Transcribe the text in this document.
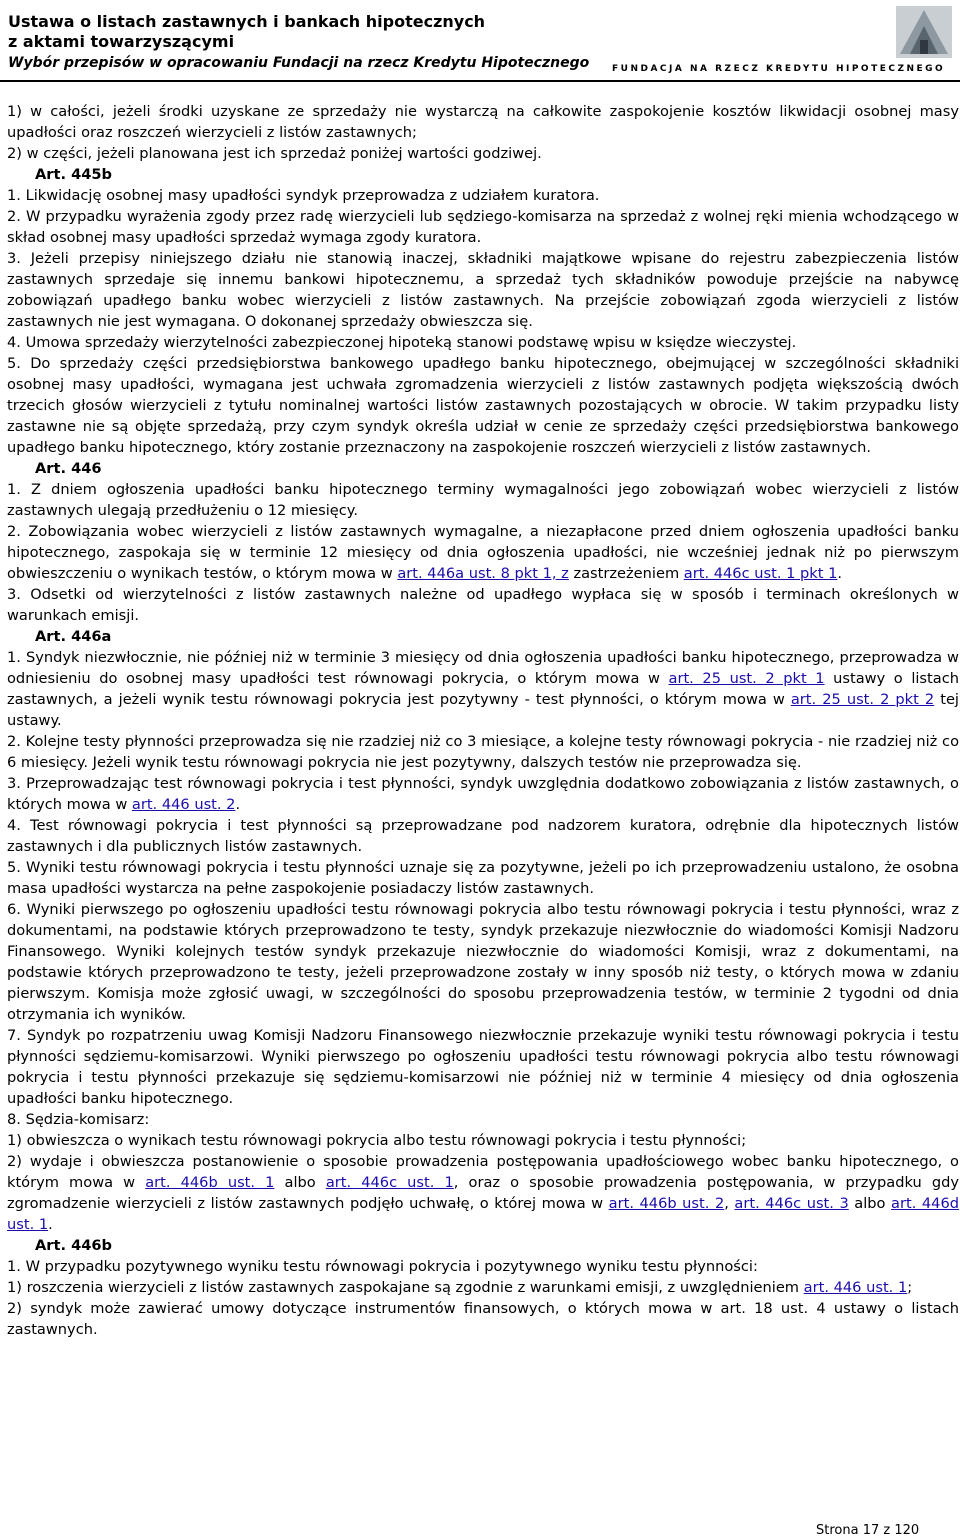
Ustawa o listach zastawnych i bankach hipotecznych
z aktami towarzyszącymi
Wybór przepisów w opracowaniu Fundacji na rzecz Kredytu Hipotecznego	FUNDACJA NA RZECZ KREDYTU HIPOTECZNEGO

1) w całości, jeżeli środki uzyskane ze sprzedaży nie wystarczą na całkowite zaspokojenie kosztów likwidacji osobnej masy upadłości oraz roszczeń wierzycieli z listów zastawnych;

2) w części, jeżeli planowana jest ich sprzedaż poniżej wartości godziwej.

Art. 445b

1. Likwidację osobnej masy upadłości syndyk przeprowadza z udziałem kuratora.

2. W przypadku wyrażenia zgody przez radę wierzycieli lub sędziego-komisarza na sprzedaż z wolnej ręki mienia wchodzącego w skład osobnej masy upadłości sprzedaż wymaga zgody kuratora.

3. Jeżeli przepisy niniejszego działu nie stanowią inaczej, składniki majątkowe wpisane do rejestru zabezpieczenia listów zastawnych sprzedaje się innemu bankowi hipotecznemu, a sprzedaż tych składników powoduje przejście na nabywcę zobowiązań upadłego banku wobec wierzycieli z listów zastawnych. Na przejście zobowiązań zgoda wierzycieli z listów zastawnych nie jest wymagana. O dokonanej sprzedaży obwieszcza się.

4. Umowa sprzedaży wierzytelności zabezpieczonej hipoteką stanowi podstawę wpisu w księdze wieczystej.

5. Do sprzedaży części przedsiębiorstwa bankowego upadłego banku hipotecznego, obejmującej w szczególności składniki osobnej masy upadłości, wymagana jest uchwała zgromadzenia wierzycieli z listów zastawnych podjęta większością dwóch trzecich głosów wierzycieli z tytułu nominalnej wartości listów zastawnych pozostających w obrocie. W takim przypadku listy zastawne nie są objęte sprzedażą, przy czym syndyk określa udział w cenie ze sprzedaży części przedsiębiorstwa bankowego upadłego banku hipotecznego, który zostanie przeznaczony na zaspokojenie roszczeń wierzycieli z listów zastawnych.

Art. 446

1. Z dniem ogłoszenia upadłości banku hipotecznego terminy wymagalności jego zobowiązań wobec wierzycieli z listów zastawnych ulegają przedłużeniu o 12 miesięcy.

2. Zobowiązania wobec wierzycieli z listów zastawnych wymagalne, a niezapłacone przed dniem ogłoszenia upadłości banku hipotecznego, zaspokaja się w terminie 12 miesięcy od dnia ogłoszenia upadłości, nie wcześniej jednak niż po pierwszym obwieszczeniu o wynikach testów, o którym mowa w art. 446a ust. 8 pkt 1, z zastrzeżeniem art. 446c ust. 1 pkt 1.

3. Odsetki od wierzytelności z listów zastawnych należne od upadłego wypłaca się w sposób i terminach określonych w warunkach emisji.

Art. 446a

1. Syndyk niezwłocznie, nie później niż w terminie 3 miesięcy od dnia ogłoszenia upadłości banku hipotecznego, przeprowadza w odniesieniu do osobnej masy upadłości test równowagi pokrycia, o którym mowa w art. 25 ust. 2 pkt 1 ustawy o listach zastawnych, a jeżeli wynik testu równowagi pokrycia jest pozytywny - test płynności, o którym mowa w art. 25 ust. 2 pkt 2 tej ustawy.

2. Kolejne testy płynności przeprowadza się nie rzadziej niż co 3 miesiące, a kolejne testy równowagi pokrycia - nie rzadziej niż co 6 miesięcy. Jeżeli wynik testu równowagi pokrycia nie jest pozytywny, dalszych testów nie przeprowadza się.

3. Przeprowadzając test równowagi pokrycia i test płynności, syndyk uwzględnia dodatkowo zobowiązania z listów zastawnych, o których mowa w art. 446 ust. 2.

4. Test równowagi pokrycia i test płynności są przeprowadzane pod nadzorem kuratora, odrębnie dla hipotecznych listów zastawnych i dla publicznych listów zastawnych.

5. Wyniki testu równowagi pokrycia i testu płynności uznaje się za pozytywne, jeżeli po ich przeprowadzeniu ustalono, że osobna masa upadłości wystarcza na pełne zaspokojenie posiadaczy listów zastawnych.

6. Wyniki pierwszego po ogłoszeniu upadłości testu równowagi pokrycia albo testu równowagi pokrycia i testu płynności, wraz z dokumentami, na podstawie których przeprowadzono te testy, syndyk przekazuje niezwłocznie do wiadomości Komisji Nadzoru Finansowego. Wyniki kolejnych testów syndyk przekazuje niezwłocznie do wiadomości Komisji, wraz z dokumentami, na podstawie których przeprowadzono te testy, jeżeli przeprowadzone zostały w inny sposób niż testy, o których mowa w zdaniu pierwszym. Komisja może zgłosić uwagi, w szczególności do sposobu przeprowadzenia testów, w terminie 2 tygodni od dnia otrzymania ich wyników.

7. Syndyk po rozpatrzeniu uwag Komisji Nadzoru Finansowego niezwłocznie przekazuje wyniki testu równowagi pokrycia i testu płynności sędziemu-komisarzowi. Wyniki pierwszego po ogłoszeniu upadłości testu równowagi pokrycia albo testu równowagi pokrycia i testu płynności przekazuje się sędziemu-komisarzowi nie później niż w terminie 4 miesięcy od dnia ogłoszenia upadłości banku hipotecznego.

8. Sędzia-komisarz:

1) obwieszcza o wynikach testu równowagi pokrycia albo testu równowagi pokrycia i testu płynności;

2) wydaje i obwieszcza postanowienie o sposobie prowadzenia postępowania upadłościowego wobec banku hipotecznego, o którym mowa w art. 446b ust. 1 albo art. 446c ust. 1, oraz o sposobie prowadzenia postępowania, w przypadku gdy zgromadzenie wierzycieli z listów zastawnych podjęło uchwałę, o której mowa w art. 446b ust. 2, art. 446c ust. 3 albo art. 446d ust. 1.

Art. 446b

1. W przypadku pozytywnego wyniku testu równowagi pokrycia i pozytywnego wyniku testu płynności:

1) roszczenia wierzycieli z listów zastawnych zaspokajane są zgodnie z warunkami emisji, z uwzględnieniem art. 446 ust. 1;

2) syndyk może zawierać umowy dotyczące instrumentów finansowych, o których mowa w art. 18 ust. 4 ustawy o listach zastawnych.

Strona 17 z 120
